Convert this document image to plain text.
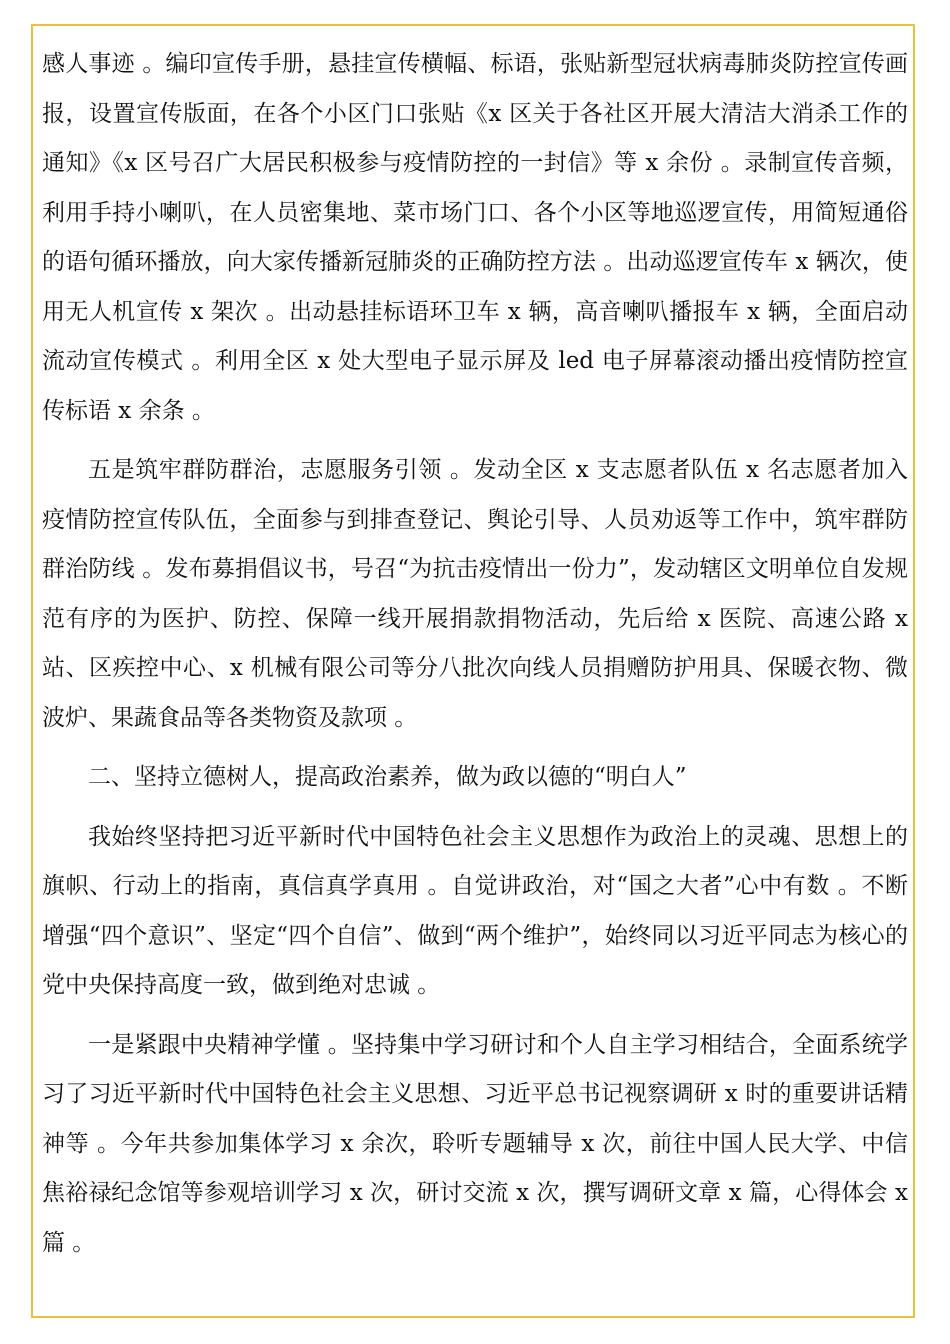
感人事迹 。编印宣传手册，悬挂宣传横幅、标语，张贴新型冠状病毒肺炎防控宣传画报，设置宣传版面，在各个小区门口张贴《x 区关于各社区开展大清洁大消杀工作的通知》《x 区号召广大居民积极参与疫情防控的一封信》等 x 余份 。录制宣传音频，利用手持小喇叭，在人员密集地、菜市场门口、各个小区等地巡逻宣传，用简短通俗的语句循环播放，向大家传播新冠肺炎的正确防控方法 。出动巡逻宣传车 x 辆次，使用无人机宣传 x 架次 。出动悬挂标语环卫车 x 辆，高音喇叭播报车 x 辆，全面启动流动宣传模式 。利用全区 x 处大型电子显示屏及 led 电子屏幕滚动播出疫情防控宣传标语 x 余条 。

五是筑牢群防群治，志愿服务引领 。发动全区 x 支志愿者队伍 x 名志愿者加入疫情防控宣传队伍，全面参与到排查登记、舆论引导、人员劝返等工作中，筑牢群防群治防线 。发布募捐倡议书，号召“为抗击疫情出一份力”，发动辖区文明单位自发规范有序的为医护、防控、保障一线开展捐款捐物活动，先后给 x 医院、高速公路 x 站、区疾控中心、x 机械有限公司等分八批次向线人员捐赠防护用具、保暖衣物、微波炉、果蔬食品等各类物资及款项 。

二、坚持立德树人，提高政治素养，做为政以德的“明白人”

我始终坚持把习近平新时代中国特色社会主义思想作为政治上的灵魂、思想上的旗帜、行动上的指南，真信真学真用 。自觉讲政治，对“国之大者”心中有数 。不断增强“四个意识”、坚定“四个自信”、做到“两个维护”，始终同以习近平同志为核心的党中央保持高度一致，做到绝对忠诚 。

一是紧跟中央精神学懂 。坚持集中学习研讨和个人自主学习相结合，全面系统学习了习近平新时代中国特色社会主义思想、习近平总书记视察调研 x 时的重要讲话精神等 。今年共参加集体学习 x 余次，聆听专题辅导 x 次，前往中国人民大学、中信焦裕禄纪念馆等参观培训学习 x 次，研讨交流 x 次，撰写调研文章 x 篇，心得体会 x 篇 。
